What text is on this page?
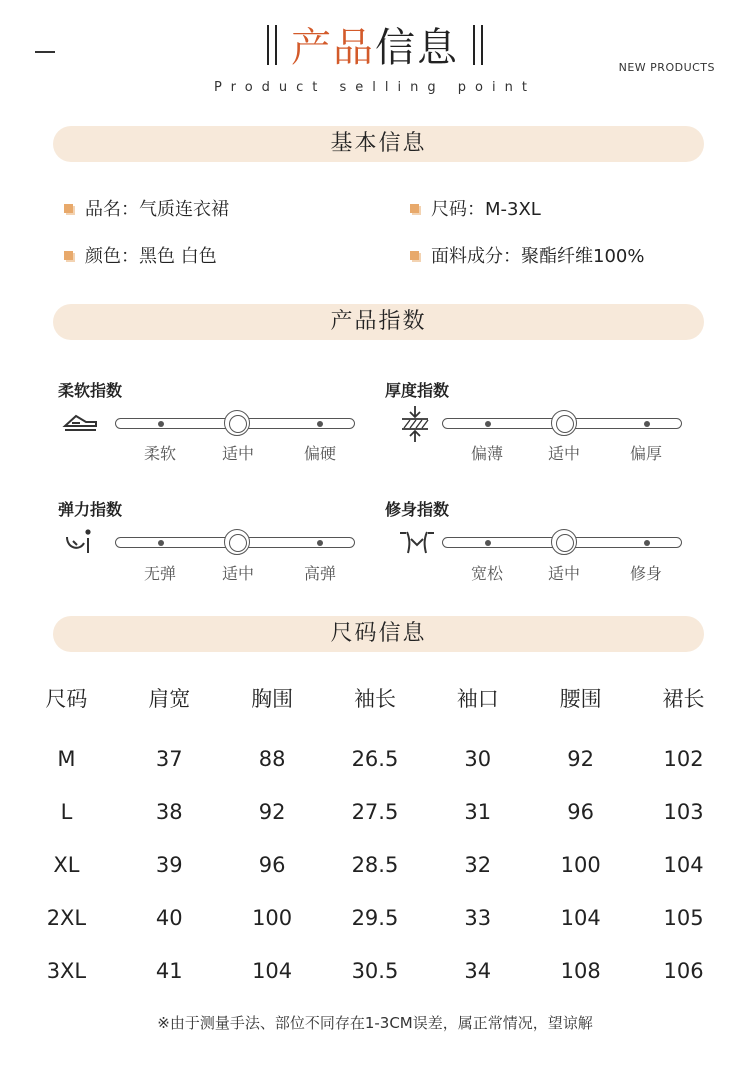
产品信息
Product selling point
NEW PRODUCTS
基本信息
品名：气质连衣裙	尺码：M-3XL
颜色：黑色 白色	面料成分：聚酯纤维100%
产品指数
柔软指数
柔软	适中	偏硬
厚度指数
偏薄	适中	偏厚
弹力指数
无弹	适中	高弹
修身指数
宽松	适中	修身
尺码信息
尺码	肩宽	胸围	袖长	袖口	腰围	裙长
M	37	88	26.5	30	92	102
L	38	92	27.5	31	96	103
XL	39	96	28.5	32	100	104
2XL	40	100	29.5	33	104	105
3XL	41	104	30.5	34	108	106
※由于测量手法、部位不同存在1-3CM误差，属正常情况，望谅解
